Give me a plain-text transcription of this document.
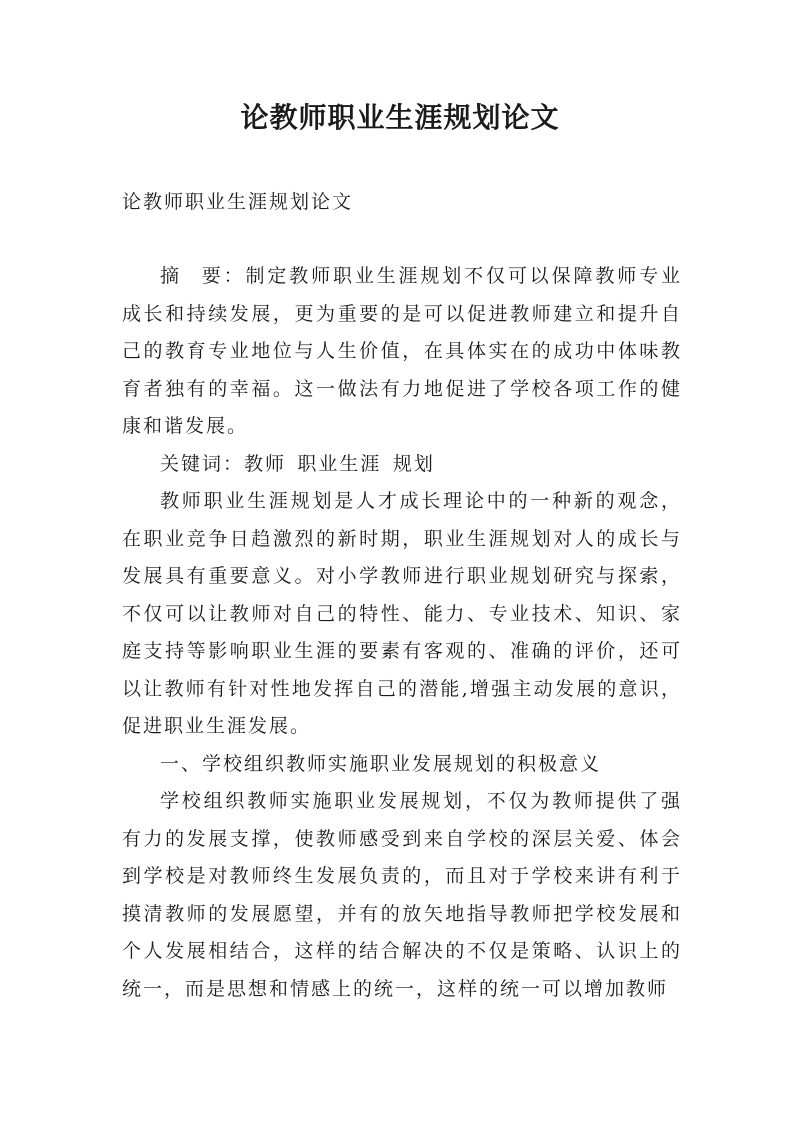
论教师职业生涯规划论文

论教师职业生涯规划论文

摘 要：制定教师职业生涯规划不仅可以保障教师专业成长和持续发展，更为重要的是可以促进教师建立和提升自己的教育专业地位与人生价值，在具体实在的成功中体味教育者独有的幸福。这一做法有力地促进了学校各项工作的健康和谐发展。

关键词：教师 职业生涯 规划

教师职业生涯规划是人才成长理论中的一种新的观念，在职业竞争日趋激烈的新时期，职业生涯规划对人的成长与发展具有重要意义。对小学教师进行职业规划研究与探索，不仅可以让教师对自己的特性、能力、专业技术、知识、家庭支持等影响职业生涯的要素有客观的、准确的评价，还可以让教师有针对性地发挥自己的潜能,增强主动发展的意识，促进职业生涯发展。

一、学校组织教师实施职业发展规划的积极意义

学校组织教师实施职业发展规划，不仅为教师提供了强有力的发展支撑，使教师感受到来自学校的深层关爱、体会到学校是对教师终生发展负责的，而且对于学校来讲有利于摸清教师的发展愿望，并有的放矢地指导教师把学校发展和个人发展相结合，这样的结合解决的不仅是策略、认识上的统一，而是思想和情感上的统一，这样的统一可以增加教师
